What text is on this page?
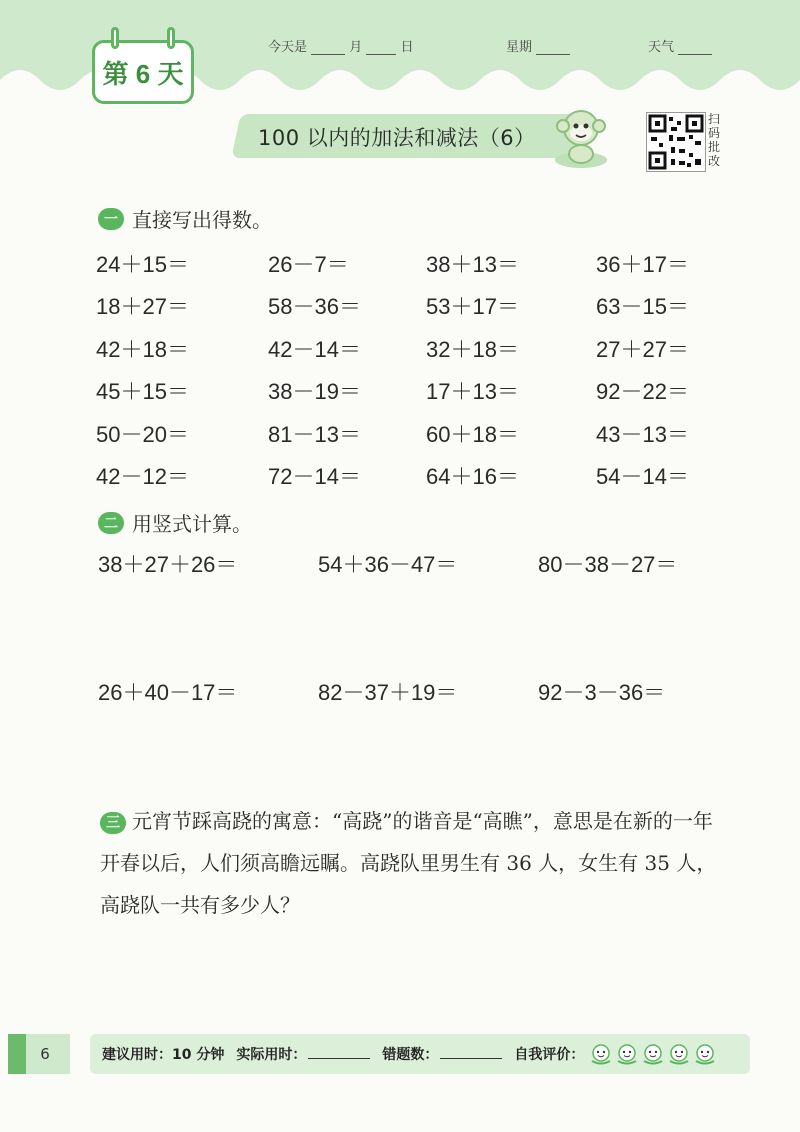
第 6 天
今天是	月	日	星期	天气
100 以内的加法和减法（6）
扫
码
批
改
一 直接写出得数。
24＋15＝	26－7＝	38＋13＝	36＋17＝
18＋27＝	58－36＝	53＋17＝	63－15＝
42＋18＝	42－14＝	32＋18＝	27＋27＝
45＋15＝	38－19＝	17＋13＝	92－22＝
50－20＝	81－13＝	60＋18＝	43－13＝
42－12＝	72－14＝	64＋16＝	54－14＝
二 用竖式计算。
38＋27＋26＝	54＋36－47＝	80－38－27＝
26＋40－17＝	82－37＋19＝	92－3－36＝
三 元宵节踩高跷的寓意：“高跷”的谐音是“高瞧”，意思是在新的一年开春以后，人们须高瞻远瞩。高跷队里男生有 36 人，女生有 35 人，高跷队一共有多少人？
6	建议用时：10 分钟 实际用时：	错题数：	自我评价：
